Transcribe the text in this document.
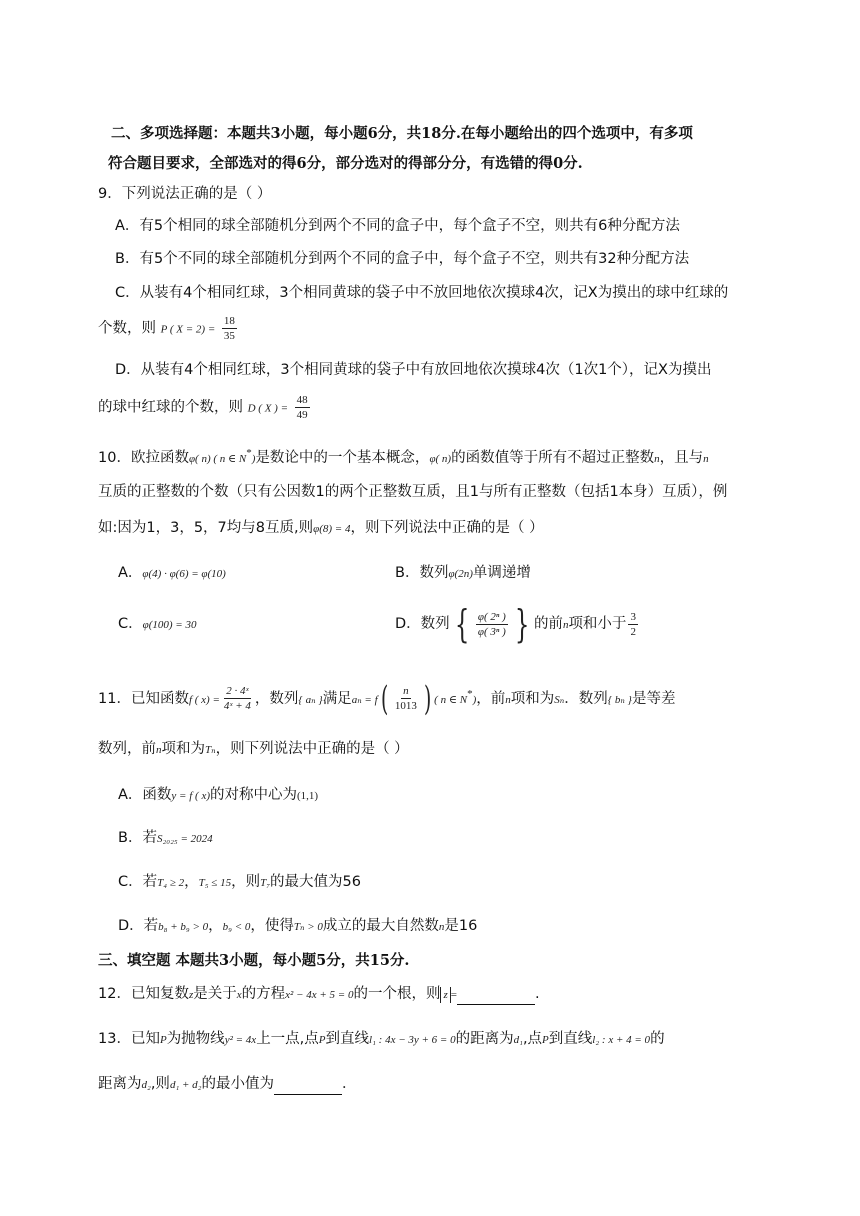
二、多项选择题：本题共3小题，每小题6分，共18分.在每小题给出的四个选项中，有多项
符合题目要求，全部选对的得6分，部分选对的得部分分，有选错的得0分.
9．下列说法正确的是（ ）
A．有5个相同的球全部随机分到两个不同的盒子中，每个盒子不空，则共有6种分配方法
B．有5个不同的球全部随机分到两个不同的盒子中，每个盒子不空，则共有32种分配方法
C．从装有4个相同红球，3个相同黄球的袋子中不放回地依次摸球4次，记X为摸出的球中红球的
个数，则 P ( $X = 2) = \frac{18}{35}$
D．从装有4个相同红球，3个相同黄球的袋子中有放回地依次摸球4次（1次1个），记X为摸出
的球中红球的个数，则 D ( X ) = $\frac{48}{49}$
10．欧拉函数φ( n) ( n ∈ N*)是数论中的一个基本概念，φ( n)的函数值等于所有不超过正整数n，且与n
互质的正整数的个数（只有公因数1的两个正整数互质，且1与所有正整数（包括1本身）互质），例
如:因为1，3，5，7均与8互质,则φ(8) = 4，则下列说法中正确的是（ ）
A．φ(4) · φ(6) = φ(10)	B．数列φ(2n)单调递增
C．φ(100) = 30	D．数列 { $\frac{\text{φ( 2ⁿ )}}{\text{φ( 3ⁿ )}}$ } 的前n项和小于 $\frac{3}{2}$
11．已知函数f ( $x) = \frac{\text{2 · 4ˣ}}{\text{4ˣ + 4}}$ ，数列{ aₙ }满足$a_n = f( \frac{n}{1013}$ ) ( n ∈ N*)，前n项和为Sₙ．数列{ bₙ }是等差
数列，前n项和为Tₙ，则下列说法中正确的是（ ）
A．函数y = f ( x)的对称中心为(1,1)
B．若S₂₀₂₅ = 2024
C．若T₄ ≥ 2，T₅ ≤ 15，则T₇的最大值为56
D．若b₈ + b₉ > 0，b₉ < 0，使得Tₙ > 0成立的最大自然数n是16
三、填空题 本题共3小题，每小题5分，共15分.
12．已知复数z是关于x的方程x² − 4x + 5 = 0的一个根，则 z =	.
13．已知P为抛物线y² = 4x上一点,点P到直线l₁ : 4x − 3y + 6 = 0的距离为d₁,点P到直线l₂ : x + 4 = 0的
距离为d₂,则d₁ + d₂的最小值为	．
